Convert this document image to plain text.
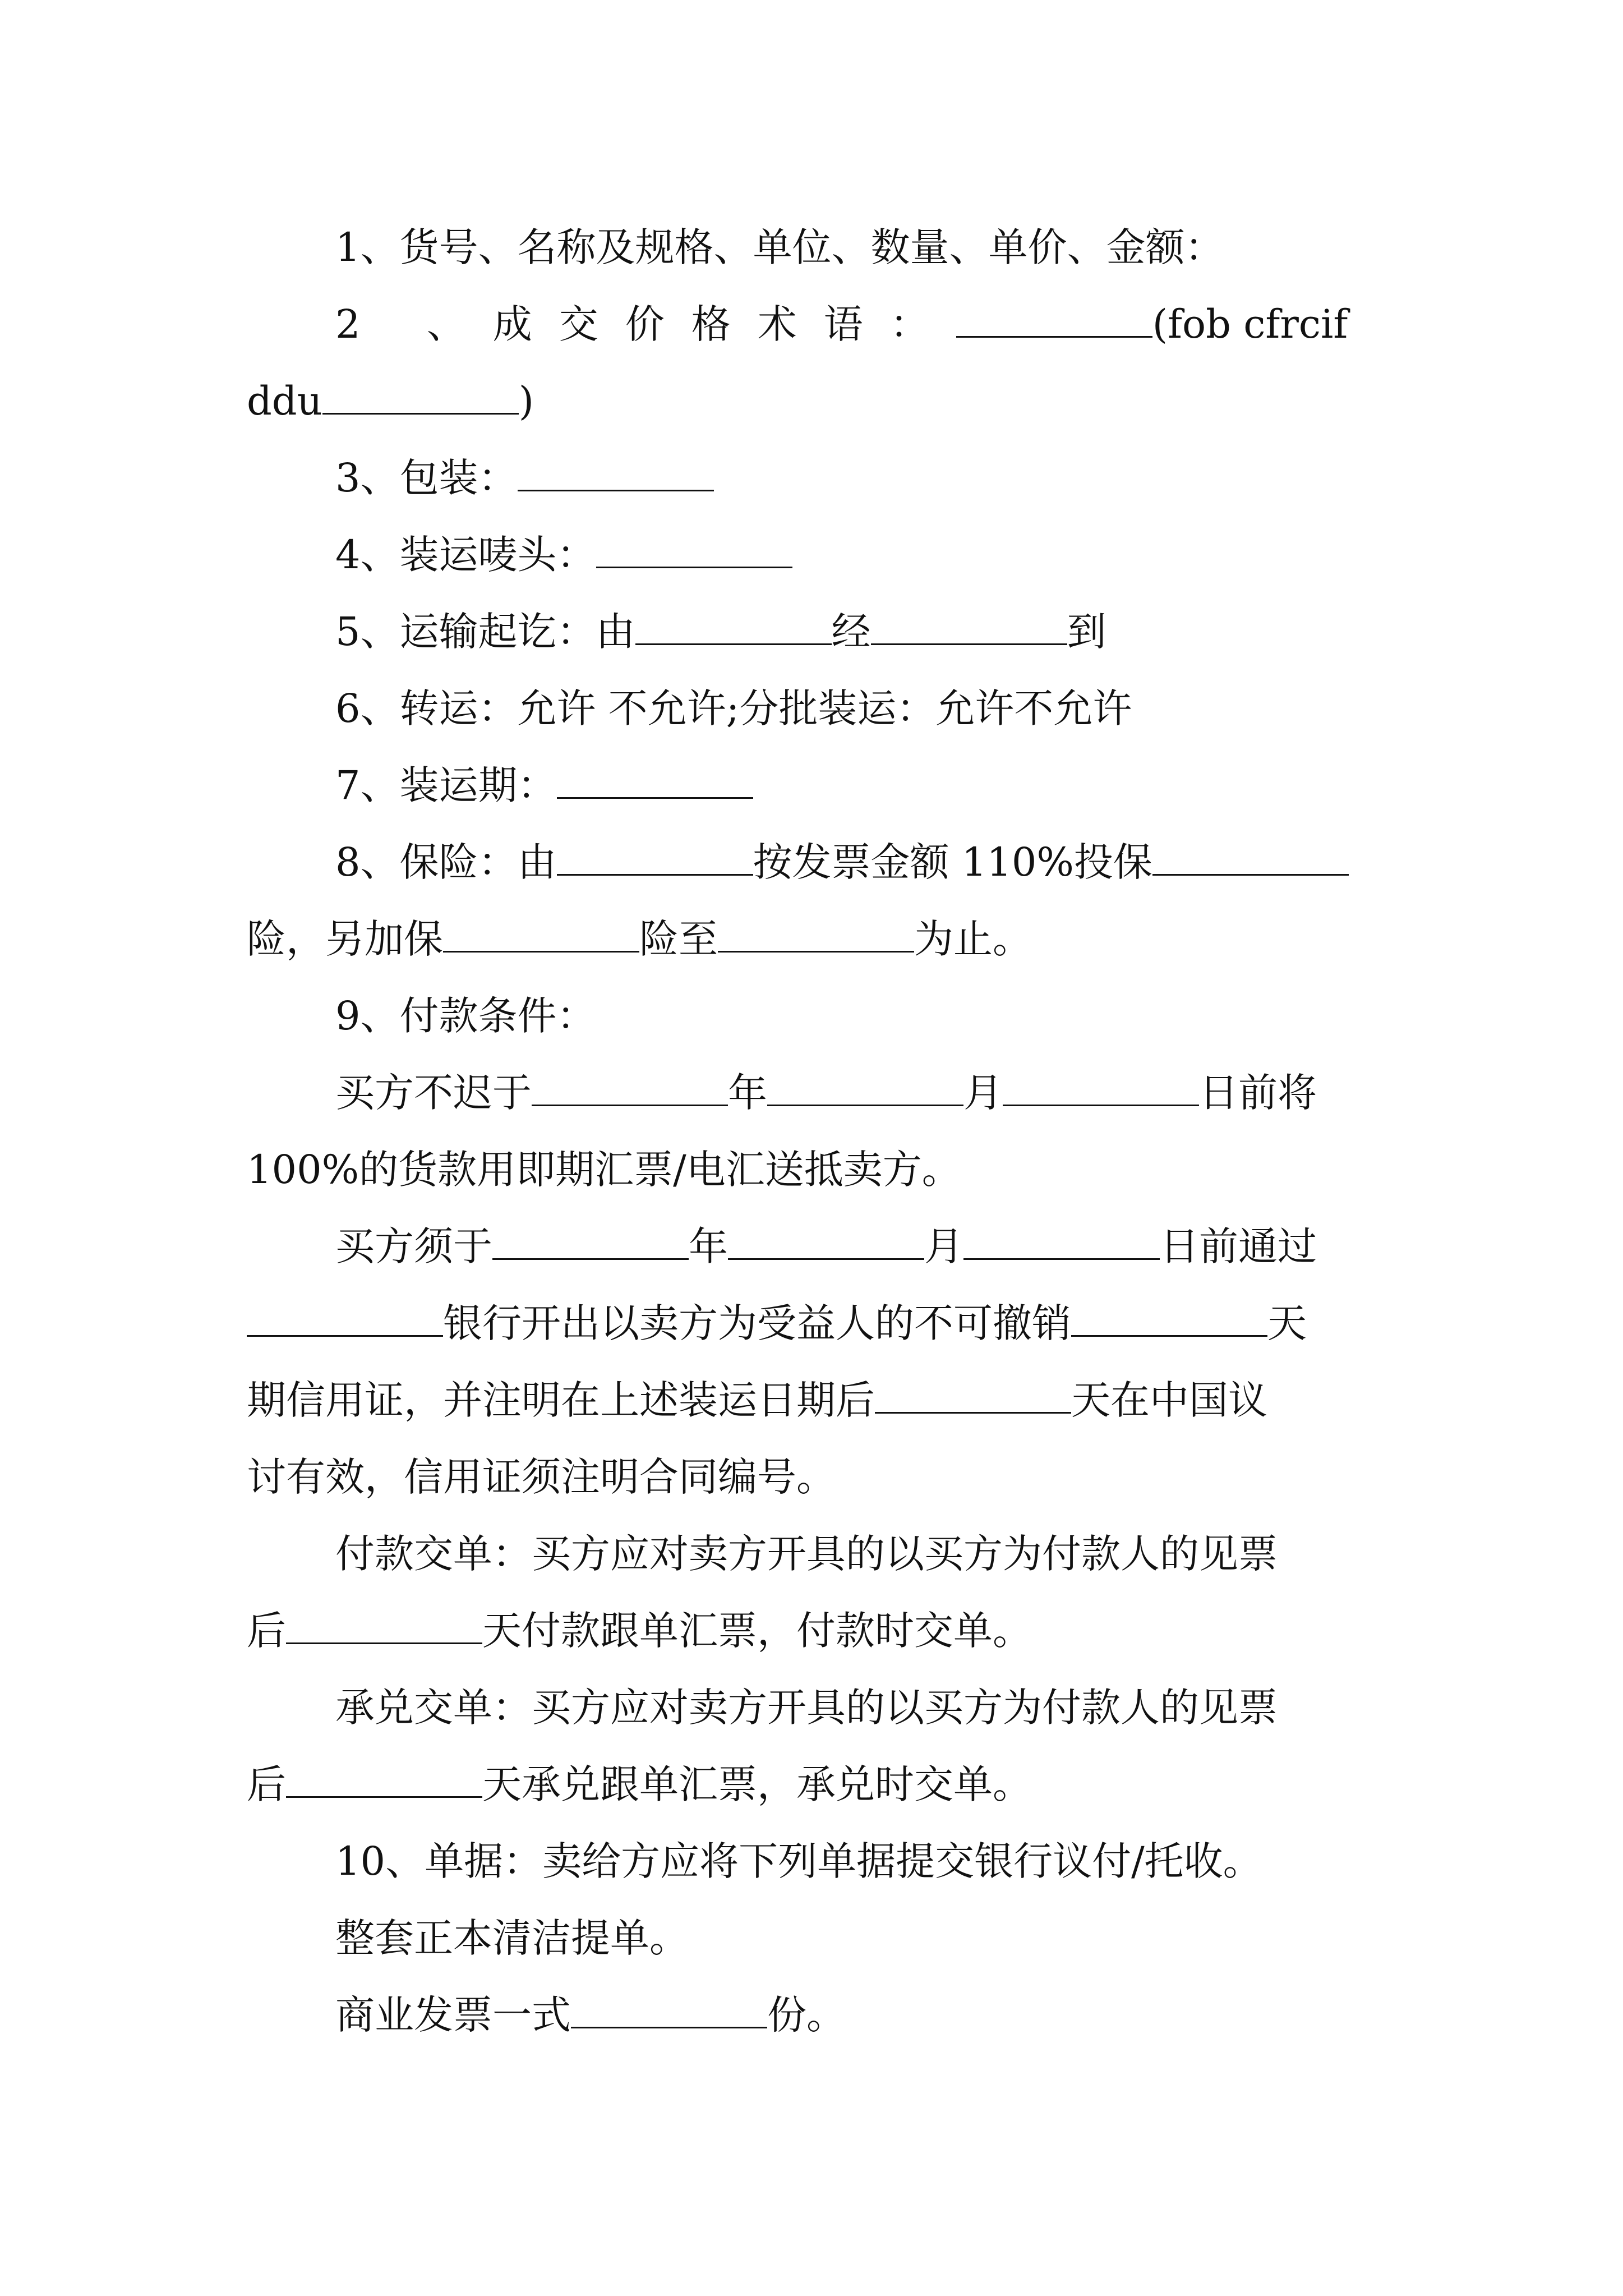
1、货号、名称及规格、单位、数量、单价、金额：
2 、成交价格术语：	(fob cfrcif
ddu	)
3、包装：
4、装运唛头：
5、运输起讫：由	经	到
6、转运：允许 不允许;分批装运：允许不允许
7、装运期：
8、保险：由	按发票金额 110%投保
险，另加保	险至	为止。
9、付款条件：
买方不迟于	年	月	日前将
100%的货款用即期汇票/电汇送抵卖方。
买方须于	年	月	日前通过
银行开出以卖方为受益人的不可撤销	天
期信用证，并注明在上述装运日期后	天在中国议
讨有效，信用证须注明合同编号。
付款交单：买方应对卖方开具的以买方为付款人的见票
后	天付款跟单汇票，付款时交单。
承兑交单：买方应对卖方开具的以买方为付款人的见票
后	天承兑跟单汇票，承兑时交单。
10、单据：卖给方应将下列单据提交银行议付/托收。
整套正本清洁提单。
商业发票一式	份。
